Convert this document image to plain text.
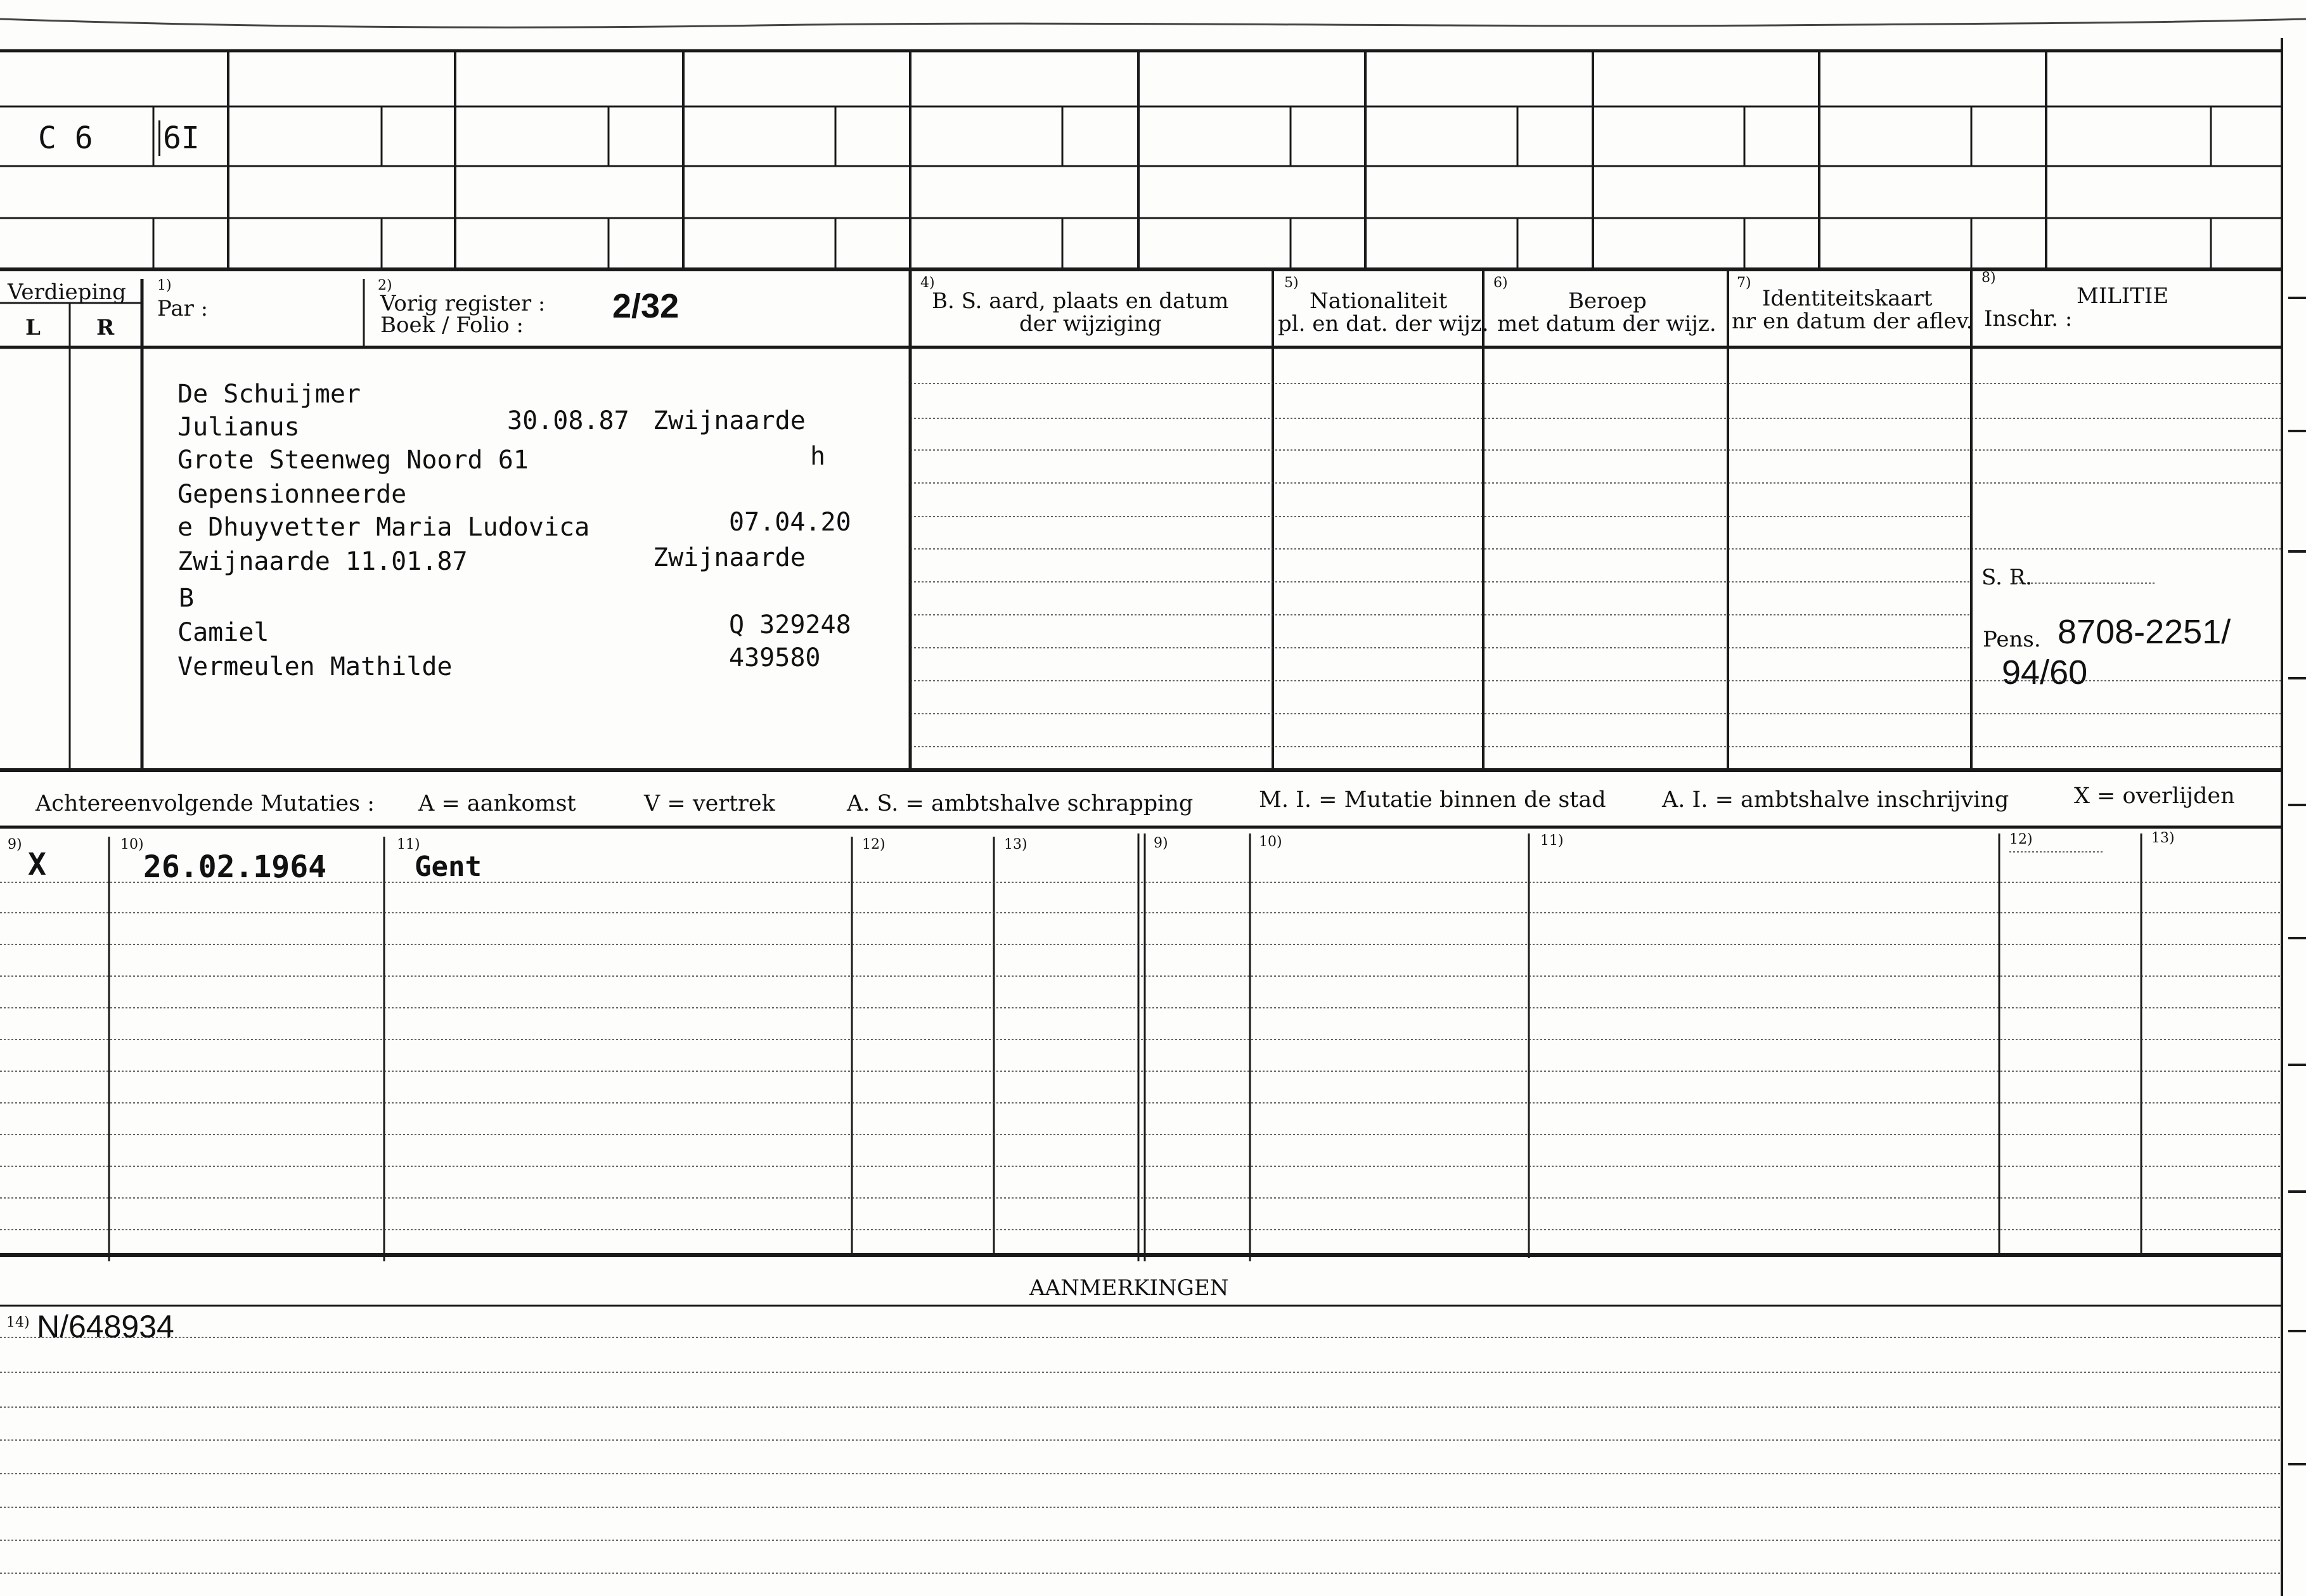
C 6 6I
Verdieping
L	R
1)
Par :
2)
Vorig register :
Boek / Folio :	2/32
4)
B. S. aard, plaats en datum
der wijziging
5)
Nationaliteit
pl. en dat. der wijz.
6)
Beroep
met datum der wijz.
7)
Identiteitskaart
nr en datum der aflev.
8)
MILITIE
Inschr. :
De Schuijmer
Julianus	30.08.87 Zwijnaarde
Grote Steenweg Noord 61	h
Gepensionneerde
e Dhuyvetter Maria Ludovica	07.04.20
Zwijnaarde 11.01.87	Zwijnaarde
B
Camiel	Q 329248
Vermeulen Mathilde	439580
S. R.
Pens. 8708-2251/
94/60
Achtereenvolgende Mutaties : A = aankomst	V = vertrek	A. S. = ambtshalve schrapping	M. I. = Mutatie binnen de stad	A. I. = ambtshalve inschrijving	X = overlijden
9)	10)	11)	12)	13)	9)	10)	11)	12)	13)
X	26.02.1964	Gent
AANMERKINGEN
14) N/648934
